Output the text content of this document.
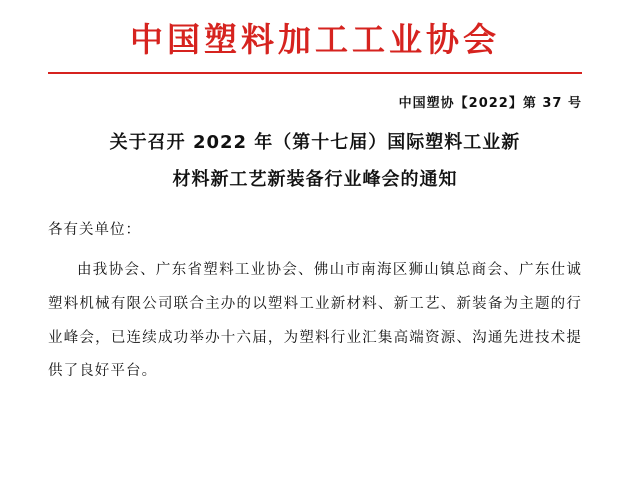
中国塑料加工工业协会
中国塑协【2022】第 37 号
关于召开 2022 年（第十七届）国际塑料工业新
材料新工艺新装备行业峰会的通知
各有关单位：
由我协会、广东省塑料工业协会、佛山市南海区狮山镇总商会、广东仕诚塑料机械有限公司联合主办的以塑料工业新材料、新工艺、新装备为主题的行业峰会，已连续成功举办十六届，为塑料行业汇集高端资源、沟通先进技术提供了良好平台。
